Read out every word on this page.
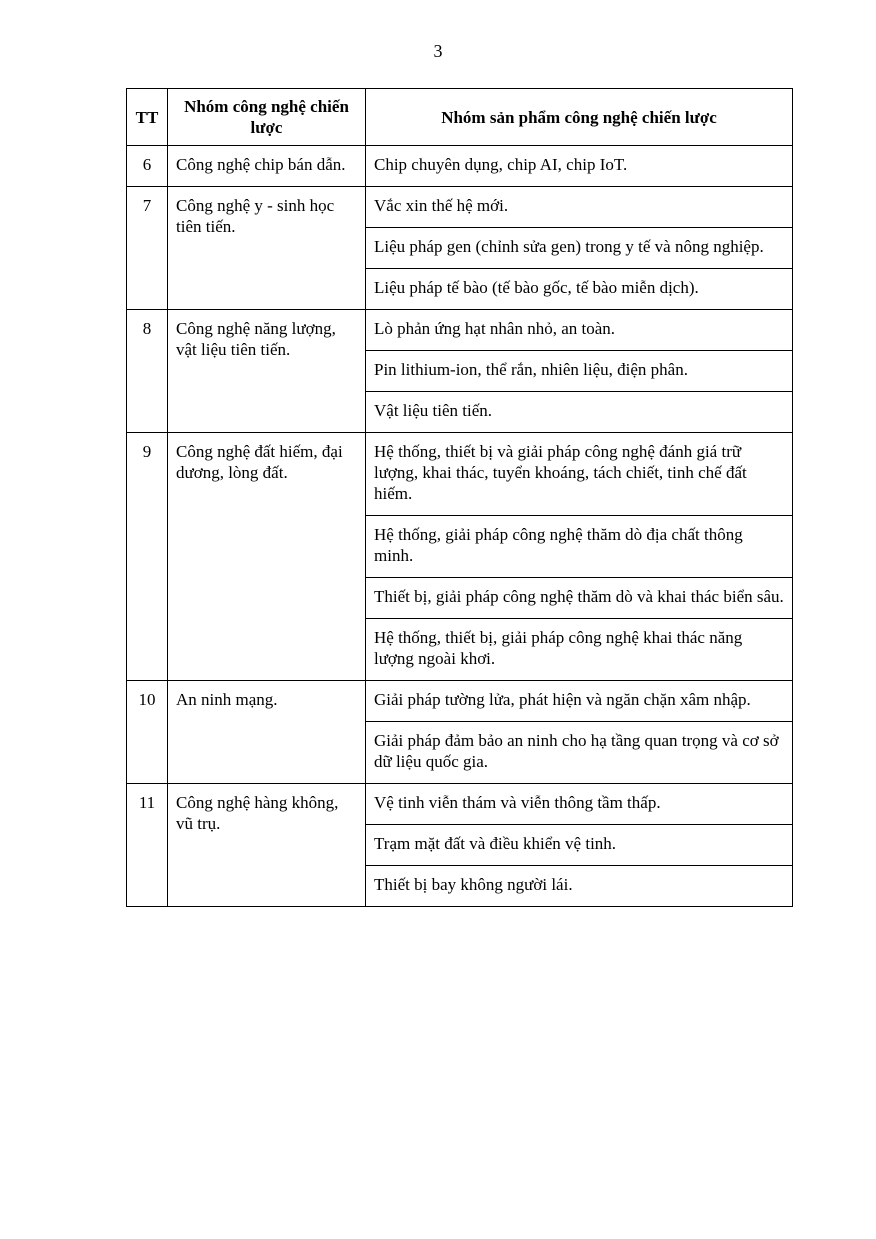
3
TT	Nhóm công nghệ chiến lược	Nhóm sản phẩm công nghệ chiến lược
6	Công nghệ chip bán dẫn.	Chip chuyên dụng, chip AI, chip IoT.
7	Công nghệ y - sinh học tiên tiến.	Vắc xin thế hệ mới.
		Liệu pháp gen (chỉnh sửa gen) trong y tế và nông nghiệp.
		Liệu pháp tế bào (tế bào gốc, tế bào miễn dịch).
8	Công nghệ năng lượng, vật liệu tiên tiến.	Lò phản ứng hạt nhân nhỏ, an toàn.
		Pin lithium-ion, thể rắn, nhiên liệu, điện phân.
		Vật liệu tiên tiến.
9	Công nghệ đất hiếm, đại dương, lòng đất.	Hệ thống, thiết bị và giải pháp công nghệ đánh giá trữ lượng, khai thác, tuyển khoáng, tách chiết, tinh chế đất hiếm.
		Hệ thống, giải pháp công nghệ thăm dò địa chất thông minh.
		Thiết bị, giải pháp công nghệ thăm dò và khai thác biển sâu.
		Hệ thống, thiết bị, giải pháp công nghệ khai thác năng lượng ngoài khơi.
10	An ninh mạng.	Giải pháp tường lửa, phát hiện và ngăn chặn xâm nhập.
		Giải pháp đảm bảo an ninh cho hạ tầng quan trọng và cơ sở dữ liệu quốc gia.
11	Công nghệ hàng không, vũ trụ.	Vệ tinh viễn thám và viễn thông tầm thấp.
		Trạm mặt đất và điều khiển vệ tinh.
		Thiết bị bay không người lái.
